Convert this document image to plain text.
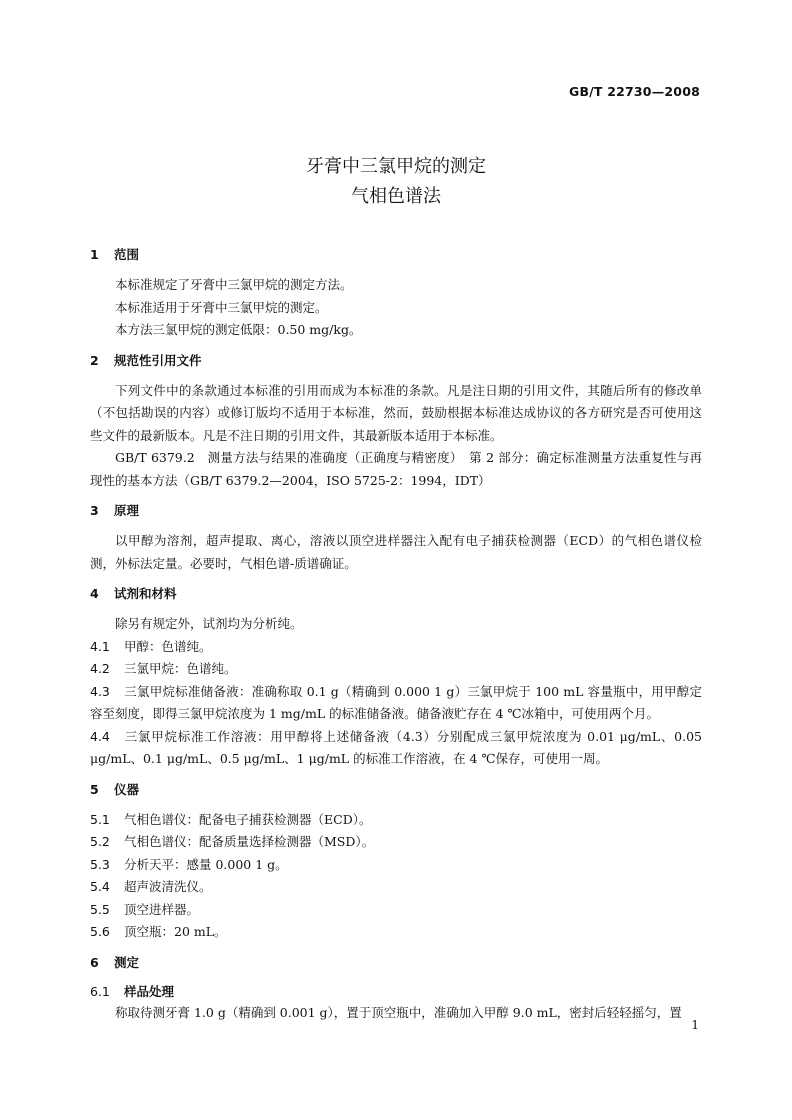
GB/T 22730—2008
牙膏中三氯甲烷的测定
气相色谱法
1 范围

本标准规定了牙膏中三氯甲烷的测定方法。

本标准适用于牙膏中三氯甲烷的测定。

本方法三氯甲烷的测定低限：0.50 mg/kg。

2 规范性引用文件

下列文件中的条款通过本标准的引用而成为本标准的条款。凡是注日期的引用文件，其随后所有的修改单（不包括勘误的内容）或修订版均不适用于本标准，然而，鼓励根据本标准达成协议的各方研究是否可使用这些文件的最新版本。凡是不注日期的引用文件，其最新版本适用于本标准。

GB/T 6379.2　测量方法与结果的准确度（正确度与精密度）　第 2 部分：确定标准测量方法重复性与再现性的基本方法（GB/T 6379.2—2004，ISO 5725-2：1994，IDT）

3 原理

以甲醇为溶剂，超声提取、离心，溶液以顶空进样器注入配有电子捕获检测器（ECD）的气相色谱仪检测，外标法定量。必要时，气相色谱-质谱确证。

4 试剂和材料

除另有规定外，试剂均为分析纯。

4.1 甲醇：色谱纯。

4.2 三氯甲烷：色谱纯。

4.3 三氯甲烷标准储备液：准确称取 0.1 g（精确到 0.000 1 g）三氯甲烷于 100 mL 容量瓶中，用甲醇定容至刻度，即得三氯甲烷浓度为 1 mg/mL 的标准储备液。储备液贮存在 4 ℃冰箱中，可使用两个月。

4.4 三氯甲烷标准工作溶液：用甲醇将上述储备液（4.3）分别配成三氯甲烷浓度为 0.01 μg/mL、0.05 μg/mL、0.1 μg/mL、0.5 μg/mL、1 μg/mL 的标准工作溶液，在 4 ℃保存，可使用一周。

5 仪器

5.1 气相色谱仪：配备电子捕获检测器（ECD）。

5.2 气相色谱仪：配备质量选择检测器（MSD）。

5.3 分析天平：感量 0.000 1 g。

5.4 超声波清洗仪。

5.5 顶空进样器。

5.6 顶空瓶：20 mL。

6 测定
6.1 样品处理

称取待测牙膏 1.0 g（精确到 0.001 g），置于顶空瓶中，准确加入甲醇 9.0 mL，密封后轻轻摇匀，置

1
